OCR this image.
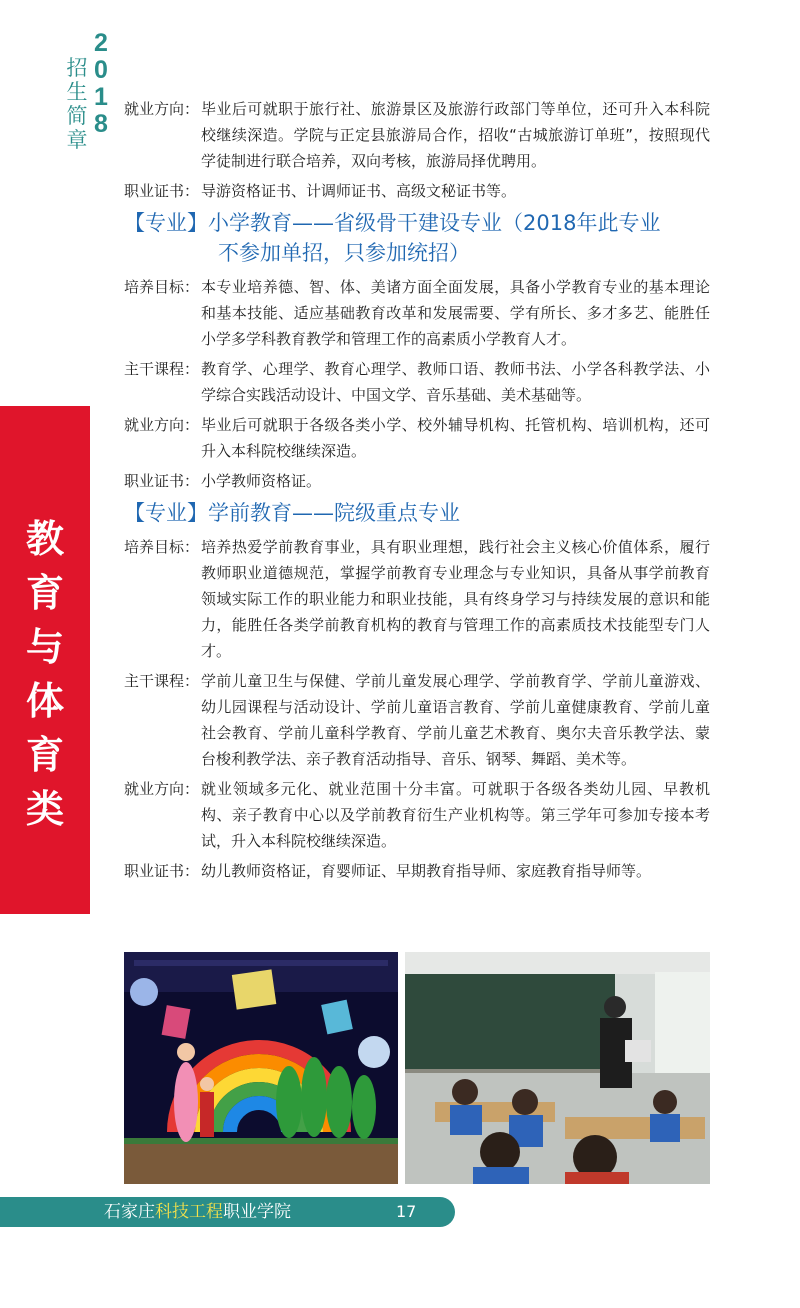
2
0
1
8
招
生
简
章
教
育
与
体
育
类
就业方向： 毕业后可就职于旅行社、旅游景区及旅游行政部门等单位，还可升入本科院校继续深造。学院与正定县旅游局合作，招收“古城旅游订单班”，按照现代学徒制进行联合培养，双向考核，旅游局择优聘用。
职业证书： 导游资格证书、计调师证书、高级文秘证书等。
【专业】小学教育——省级骨干建设专业（2018年此专业
不参加单招，只参加统招）
培养目标： 本专业培养德、智、体、美诸方面全面发展，具备小学教育专业的基本理论和基本技能、适应基础教育改革和发展需要、学有所长、多才多艺、能胜任小学多学科教育教学和管理工作的高素质小学教育人才。
主干课程： 教育学、心理学、教育心理学、教师口语、教师书法、小学各科教学法、小学综合实践活动设计、中国文学、音乐基础、美术基础等。
就业方向： 毕业后可就职于各级各类小学、校外辅导机构、托管机构、培训机构，还可升入本科院校继续深造。
职业证书： 小学教师资格证。
【专业】学前教育——院级重点专业
培养目标： 培养热爱学前教育事业，具有职业理想，践行社会主义核心价值体系，履行教师职业道德规范，掌握学前教育专业理念与专业知识，具备从事学前教育领域实际工作的职业能力和职业技能，具有终身学习与持续发展的意识和能力，能胜任各类学前教育机构的教育与管理工作的高素质技术技能型专门人才。
主干课程： 学前儿童卫生与保健、学前儿童发展心理学、学前教育学、学前儿童游戏、幼儿园课程与活动设计、学前儿童语言教育、学前儿童健康教育、学前儿童社会教育、学前儿童科学教育、学前儿童艺术教育、奥尔夫音乐教学法、蒙台梭利教学法、亲子教育活动指导、音乐、钢琴、舞蹈、美术等。
就业方向： 就业领域多元化、就业范围十分丰富。可就职于各级各类幼儿园、早教机构、亲子教育中心以及学前教育衍生产业机构等。第三学年可参加专接本考试，升入本科院校继续深造。
职业证书： 幼儿教师资格证，育婴师证、早期教育指导师、家庭教育指导师等。
石家庄科技工程职业学院	17
